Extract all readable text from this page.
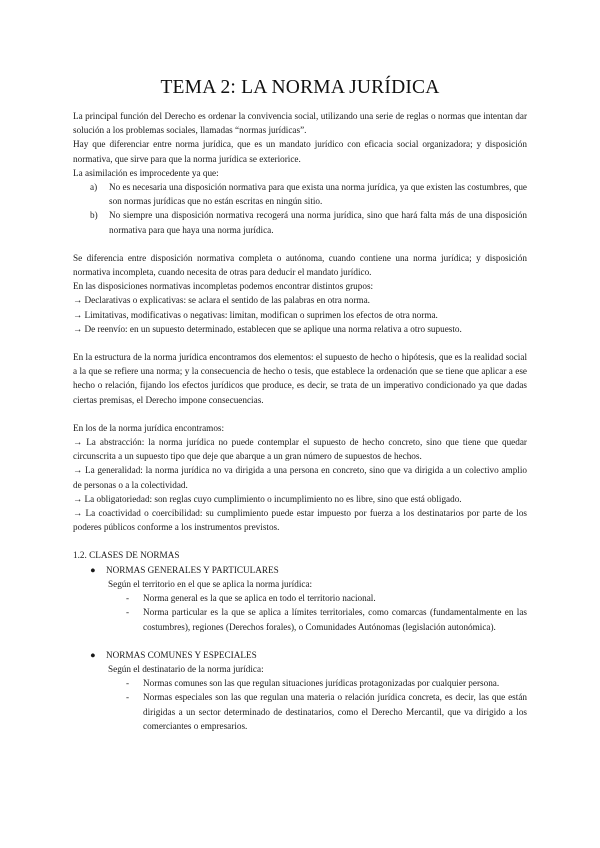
TEMA 2: LA NORMA JURÍDICA

La principal función del Derecho es ordenar la convivencia social, utilizando una serie de reglas o normas que intentan dar solución a los problemas sociales, llamadas “normas jurídicas”.

Hay que diferenciar entre norma jurídica, que es un mandato jurídico con eficacia social organizadora; y disposición normativa, que sirve para que la norma jurídica se exteriorice.

La asimilación es improcedente ya que:

a) No es necesaria una disposición normativa para que exista una norma jurídica, ya que existen las costumbres, que son normas jurídicas que no están escritas en ningún sitio.
b) No siempre una disposición normativa recogerá una norma jurídica, sino que hará falta más de una disposición normativa para que haya una norma jurídica.

Se diferencia entre disposición normativa completa o autónoma, cuando contiene una norma jurídica; y disposición normativa incompleta, cuando necesita de otras para deducir el mandato jurídico.

En las disposiciones normativas incompletas podemos encontrar distintos grupos:

→ Declarativas o explicativas: se aclara el sentido de las palabras en otra norma.

→ Limitativas, modificativas o negativas: limitan, modifican o suprimen los efectos de otra norma.

→ De reenvío: en un supuesto determinado, establecen que se aplique una norma relativa a otro supuesto.

En la estructura de la norma jurídica encontramos dos elementos: el supuesto de hecho o hipótesis, que es la realidad social a la que se refiere una norma; y la consecuencia de hecho o tesis, que establece la ordenación que se tiene que aplicar a ese hecho o relación, fijando los efectos jurídicos que produce, es decir, se trata de un imperativo condicionado ya que dadas ciertas premisas, el Derecho impone consecuencias.

En los de la norma jurídica encontramos:

→ La abstracción: la norma jurídica no puede contemplar el supuesto de hecho concreto, sino que tiene que quedar circunscrita a un supuesto tipo que deje que abarque a un gran número de supuestos de hechos.

→ La generalidad: la norma jurídica no va dirigida a una persona en concreto, sino que va dirigida a un colectivo amplio de personas o a la colectividad.

→ La obligatoriedad: son reglas cuyo cumplimiento o incumplimiento no es libre, sino que está obligado.

→ La coactividad o coercibilidad: su cumplimiento puede estar impuesto por fuerza a los destinatarios por parte de los poderes públicos conforme a los instrumentos previstos.

1.2. CLASES DE NORMAS

● NORMAS GENERALES Y PARTICULARES

Según el territorio en el que se aplica la norma jurídica:

- Norma general es la que se aplica en todo el territorio nacional.
- Norma particular es la que se aplica a límites territoriales, como comarcas (fundamentalmente en las costumbres), regiones (Derechos forales), o Comunidades Autónomas (legislación autonómica).
● NORMAS COMUNES Y ESPECIALES

Según el destinatario de la norma jurídica:

- Normas comunes son las que regulan situaciones jurídicas protagonizadas por cualquier persona.
- Normas especiales son las que regulan una materia o relación jurídica concreta, es decir, las que están dirigidas a un sector determinado de destinatarios, como el Derecho Mercantil, que va dirigido a los comerciantes o empresarios.
